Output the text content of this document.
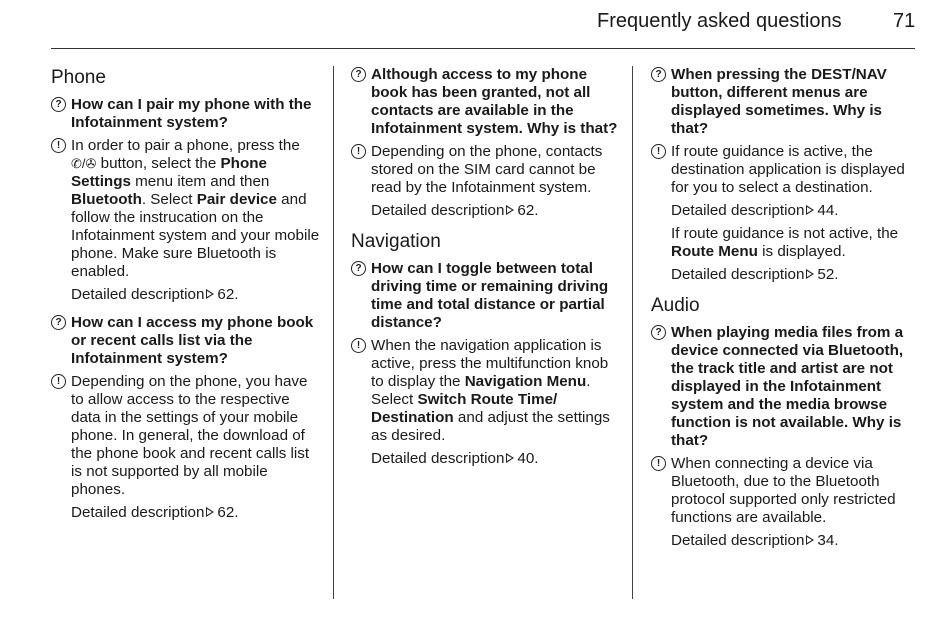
Frequently asked questions	71
Phone
? How can I pair my phone with the Infotainment system?
! In order to pair a phone, press the ✆/✇ button, select the Phone Settings menu item and then Bluetooth. Select Pair device and follow the instrucation on the Infotainment system and your mobile phone. Make sure Bluetooth is enabled.
Detailed description 62.
? How can I access my phone book or recent calls list via the Infotainment system?
! Depending on the phone, you have to allow access to the respective data in the settings of your mobile phone. In general, the download of the phone book and recent calls list is not supported by all mobile phones.
Detailed description 62.
? Although access to my phone book has been granted, not all contacts are available in the Infotainment system. Why is that?
! Depending on the phone, contacts stored on the SIM card cannot be read by the Infotainment system.
Detailed description 62.
Navigation
? How can I toggle between total driving time or remaining driving time and total distance or partial distance?
! When the navigation application is active, press the multifunction knob to display the Navigation Menu. Select Switch Route Time/ Destination and adjust the settings as desired.
Detailed description 40.
? When pressing the DEST/NAV button, different menus are displayed sometimes. Why is that?
! If route guidance is active, the destination application is displayed for you to select a destination.
Detailed description 44.
If route guidance is not active, the Route Menu is displayed.
Detailed description 52.
Audio
? When playing media files from a device connected via Bluetooth, the track title and artist are not displayed in the Infotainment system and the media browse function is not available. Why is that?
! When connecting a device via Bluetooth, due to the Bluetooth protocol supported only restricted functions are available.
Detailed description 34.
